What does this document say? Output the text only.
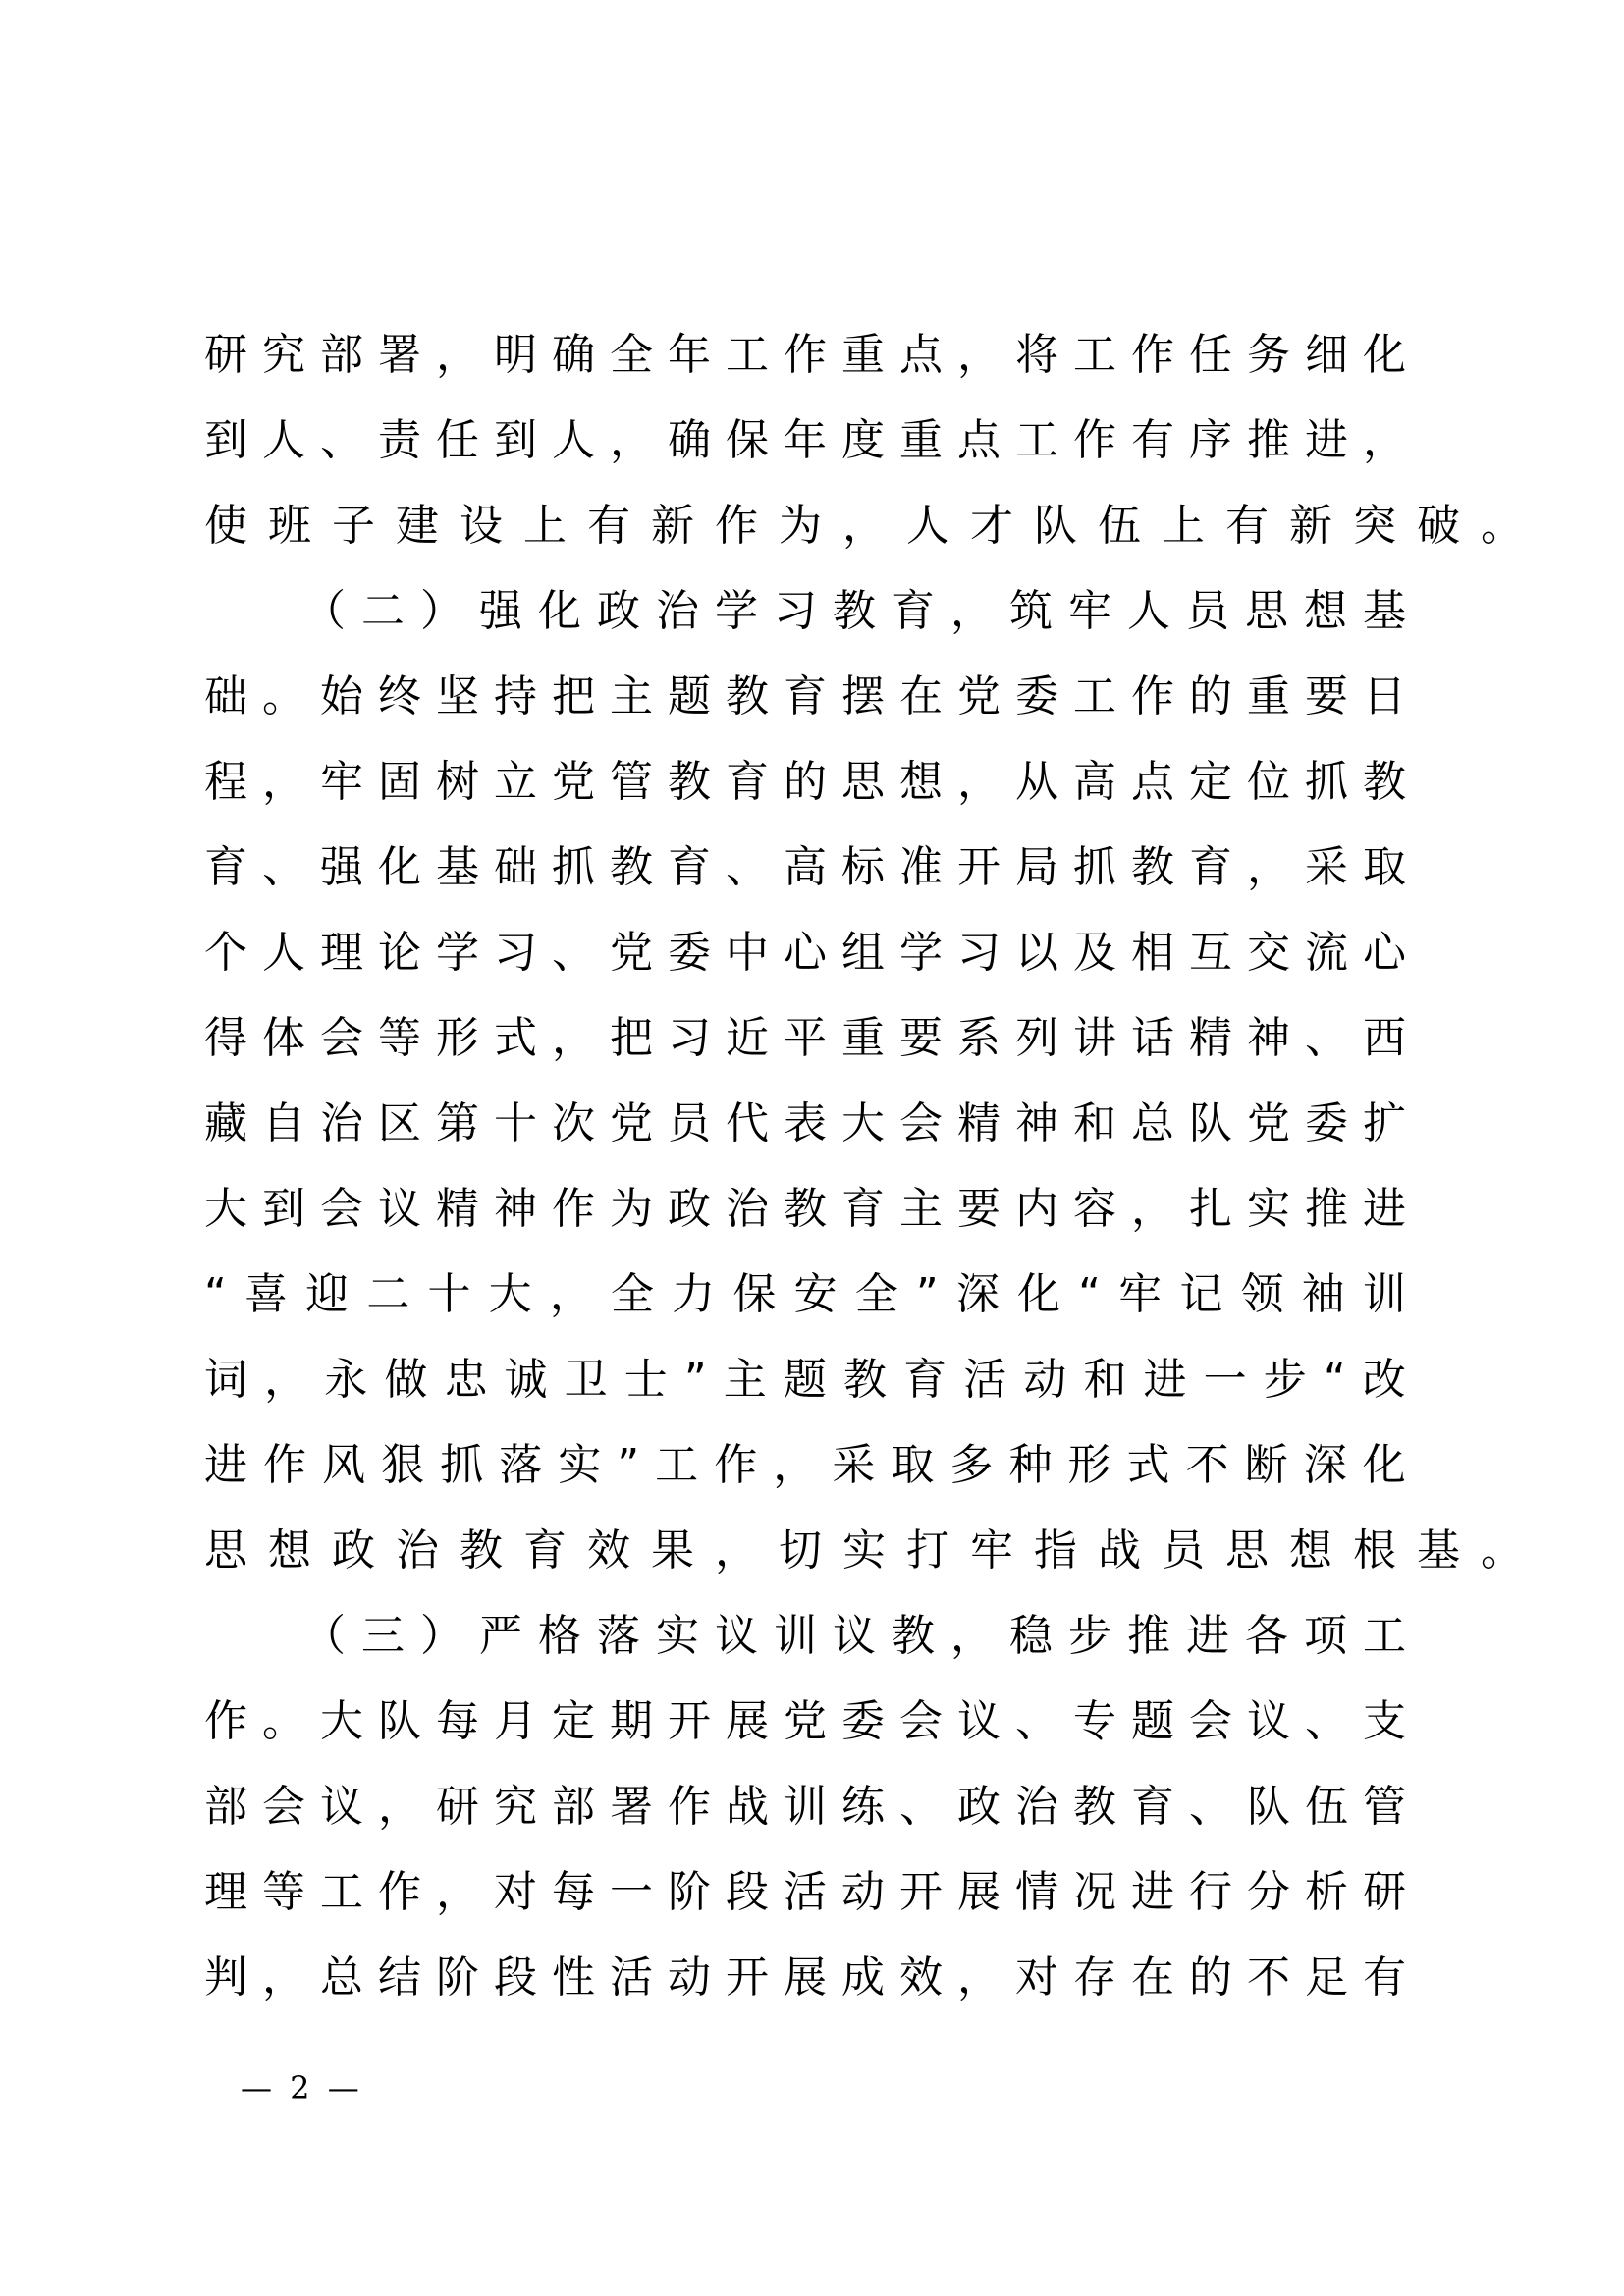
研 究 部 署 ， 明 确 全 年 工 作 重 点 ， 将 工 作 任 务 细 化
到 人 、 责 任 到 人 ， 确 保 年 度 重 点 工 作 有 序 推 进 ，
使 班 子 建 设 上 有 新 作 为 ， 人 才 队 伍 上 有 新 突 破 。
（ 二 ） 强 化 政 治 学 习 教 育 ， 筑 牢 人 员 思 想 基
础 。 始 终 坚 持 把 主 题 教 育 摆 在 党 委 工 作 的 重 要 日
程 ， 牢 固 树 立 党 管 教 育 的 思 想 ， 从 高 点 定 位 抓 教
育 、 强 化 基 础 抓 教 育 、 高 标 准 开 局 抓 教 育 ， 采 取
个 人 理 论 学 习 、 党 委 中 心 组 学 习 以 及 相 互 交 流 心
得 体 会 等 形 式 ， 把 习 近 平 重 要 系 列 讲 话 精 神 、 西
藏 自 治 区 第 十 次 党 员 代 表 大 会 精 神 和 总 队 党 委 扩
大 到 会 议 精 神 作 为 政 治 教 育 主 要 内 容 ， 扎 实 推 进
“ 喜 迎 二 十 大 ， 全 力 保 安 全 ” 深 化 “ 牢 记 领 袖 训
词 ， 永 做 忠 诚 卫 士 ” 主 题 教 育 活 动 和 进 一 步 “ 改
进 作 风 狠 抓 落 实 ” 工 作 ， 采 取 多 种 形 式 不 断 深 化
思 想 政 治 教 育 效 果 ， 切 实 打 牢 指 战 员 思 想 根 基 。
（ 三 ） 严 格 落 实 议 训 议 教 ， 稳 步 推 进 各 项 工
作 。 大 队 每 月 定 期 开 展 党 委 会 议 、 专 题 会 议 、 支
部 会 议 ， 研 究 部 署 作 战 训 练 、 政 治 教 育 、 队 伍 管
理 等 工 作 ， 对 每 一 阶 段 活 动 开 展 情 况 进 行 分 析 研
判 ， 总 结 阶 段 性 活 动 开 展 成 效 ， 对 存 在 的 不 足 有
— 2 —
